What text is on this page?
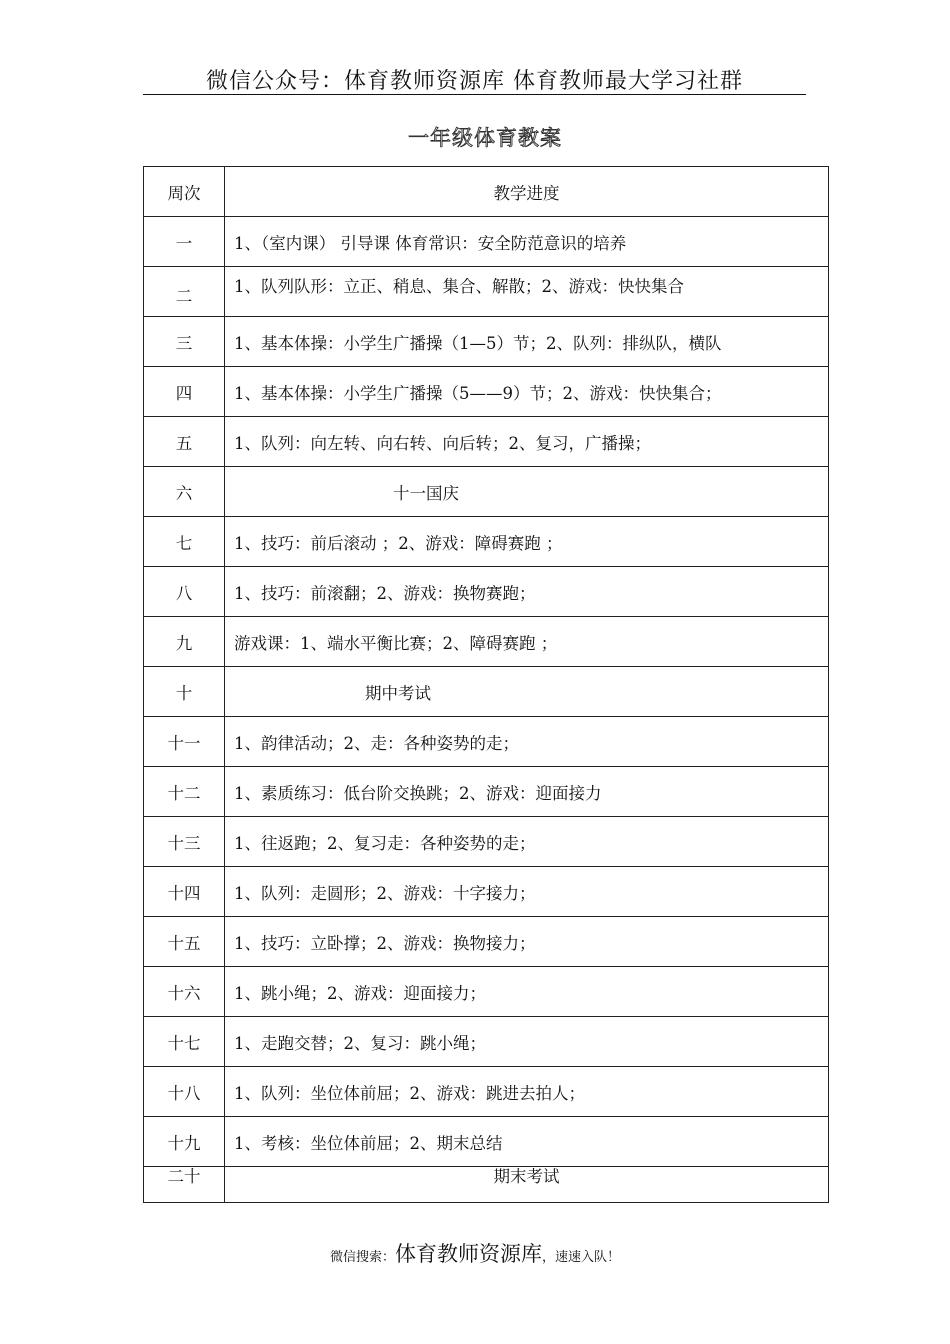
微信公众号：体育教师资源库 体育教师最大学习社群
一年级体育教案
周次	教学进度
一	1、（室内课） 引导课 体育常识：安全防范意识的培养
二	1、队列队形：立正、稍息、集合、解散；2、游戏：快快集合
三	1、基本体操：小学生广播操（1—5）节；2、队列：排纵队，横队
四	1、基本体操：小学生广播操（5——9）节；2、游戏：快快集合；
五	1、队列：向左转、向右转、向后转；2、复习，广播操；
六	十一国庆
七	1、技巧：前后滚动 ；2、游戏：障碍赛跑 ；
八	1、技巧：前滚翻；2、游戏：换物赛跑；
九	游戏课：1、端水平衡比赛；2、障碍赛跑 ；
十	期中考试
十一	1、韵律活动；2、走：各种姿势的走；
十二	1、素质练习：低台阶交换跳；2、游戏：迎面接力
十三	1、往返跑；2、复习走：各种姿势的走；
十四	1、队列：走圆形；2、游戏：十字接力；
十五	1、技巧：立卧撑；2、游戏：换物接力；
十六	1、跳小绳；2、游戏：迎面接力；
十七	1、走跑交替；2、复习：跳小绳；
十八	1、队列：坐位体前屈；2、游戏：跳进去拍人；
十九	1、考核：坐位体前屈；2、期末总结
二十	期末考试
微信搜索：体育教师资源库，速速入队！
